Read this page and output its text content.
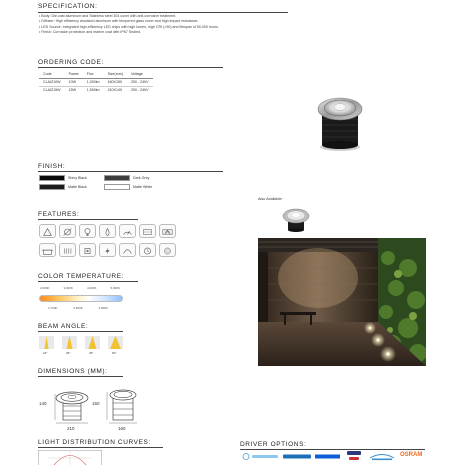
SPECIFICATION:
• Body: Die-cast aluminum and Stainless steel 304 cover with anti-corrosive treatment.
• Diffuser: High efficiency anodized aluminum with tempered glass cover and high impact resistance.
• LED Source: Integrated high-efficiency LED chips with high lumen, high CRI (>90) and lifespan of 50,000 hours.
• Finish: Corrosion protection and marine coat with IP67 Sealed.
ORDERING CODE:
Code	Power	Flux	Size(mm)	Voltage
CLAIZ10W	10W	1,000lm	160X150	200 - 240V
CLAIZ15W	15W	1,500lm	210X140	200 - 240V
FINISH:
Shiny Black	Dark Grey
Matte Black	Matte White
Also Available:
FEATURES:
COLOR TEMPERATURE:
2,000K	3,000K	4,000K	5,000K
2,700K	3,500K	4,500K
BEAM ANGLE:
24°	36°	45°	60°
DIMENSIONS (MM):
140
210
150
160
LIGHT DISTRIBUTION CURVES:	DRIVER OPTIONS:
OSRAM
